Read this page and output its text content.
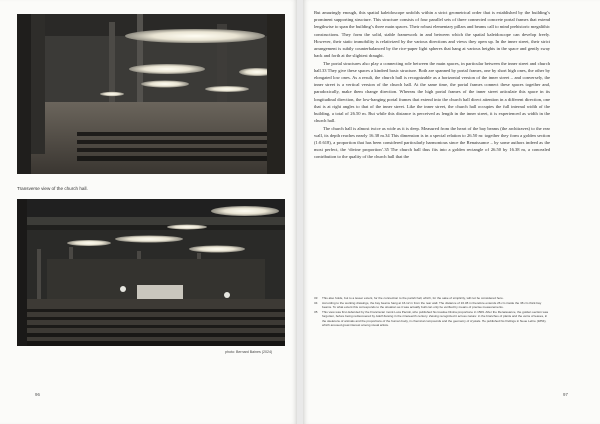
Transverse view of the church hall.
photo: Bernard Baines (2024)
96

But amazingly enough, this spatial kaleidoscope unfolds within a strict geometrical order that is established by the building’s prominent supporting structure. This structure consists of four parallel sets of three connected concrete portal frames that extend lengthwise to span the building’s three main spaces. Their robust elementary pillars and beams call to mind prehistoric megalithic constructions. They form the solid, stable framework in and between which the spatial kaleidoscope can develop freely. However, their static immobility is relativized by the various directions and views they open up. In the inner street, their strict arrangement is subtly counterbalanced by the rice-paper light spheres that hang at various heights in the space and gently sway back and forth at the slightest draught.

The portal structures also play a connecting role between the main spaces, in particular between the inner street and church hall.33 They give these spaces a kindred basic structure. Both are spanned by portal frames, one by short high ones, the other by elongated low ones. As a result, the church hall is recognizable as a horizontal version of the inner street – and conversely, the inner street is a vertical version of the church hall. At the same time, the portal frames connect these spaces together and, paradoxically, make them change direction. Whereas the high portal frames of the inner street articulate this space in its longitudinal direction, the low-hanging portal frames that extend into the church hall direct attention in a different direction, one that is at right angles to that of the inner street. Like the inner street, the church hall occupies the full internal width of the building, a total of 26.50 m. But while this distance is perceived as length in the inner street, it is experienced as width in the church hall.

The church hall is almost twice as wide as it is deep. Measured from the heart of the bay beams (the architraves) to the rear wall, its depth reaches nearly 16.38 m.34 This dimension is in a special relation to 26.50 m: together they form a golden section (1:0.618), a proportion that has been considered particularly harmonious since the Renaissance – by some authors indeed as the most perfect, the ‘divine proportion’.35 The church hall thus fits into a golden rectangle of 26.50 by 16.38 m, a concealed contribution to the quality of the church hall that the

33	This also holds, but to a lesser extent, for the connection to the parish hall, which, for the sake of simplicity, will not be considered here.
34	According to the working drawings, the bay beams hang at 16.12 m from the rear wall. The distance of 16.38 m therefore extends 26 cm inside the 38 cm thick bay beams. To what extent this corresponds to the situation as it was actually built can only be verified by means of precise measurements.
35	This view was first defended by the Franciscan monk Luca Pacioli, who published his treatise Divina proportione in 1509. After the Renaissance, the golden section was forgotten, before being rediscovered by Adolf Zeising in the nineteenth century. Zeising recognized it across nature: in the branches of plants and the veins of leaves, in the skeletons of animals and the proportions of the human body, in chemical compounds and the geometry of crystals. He published his findings in Neue Lehre (1854), which aroused great interest among visual artists.
97
